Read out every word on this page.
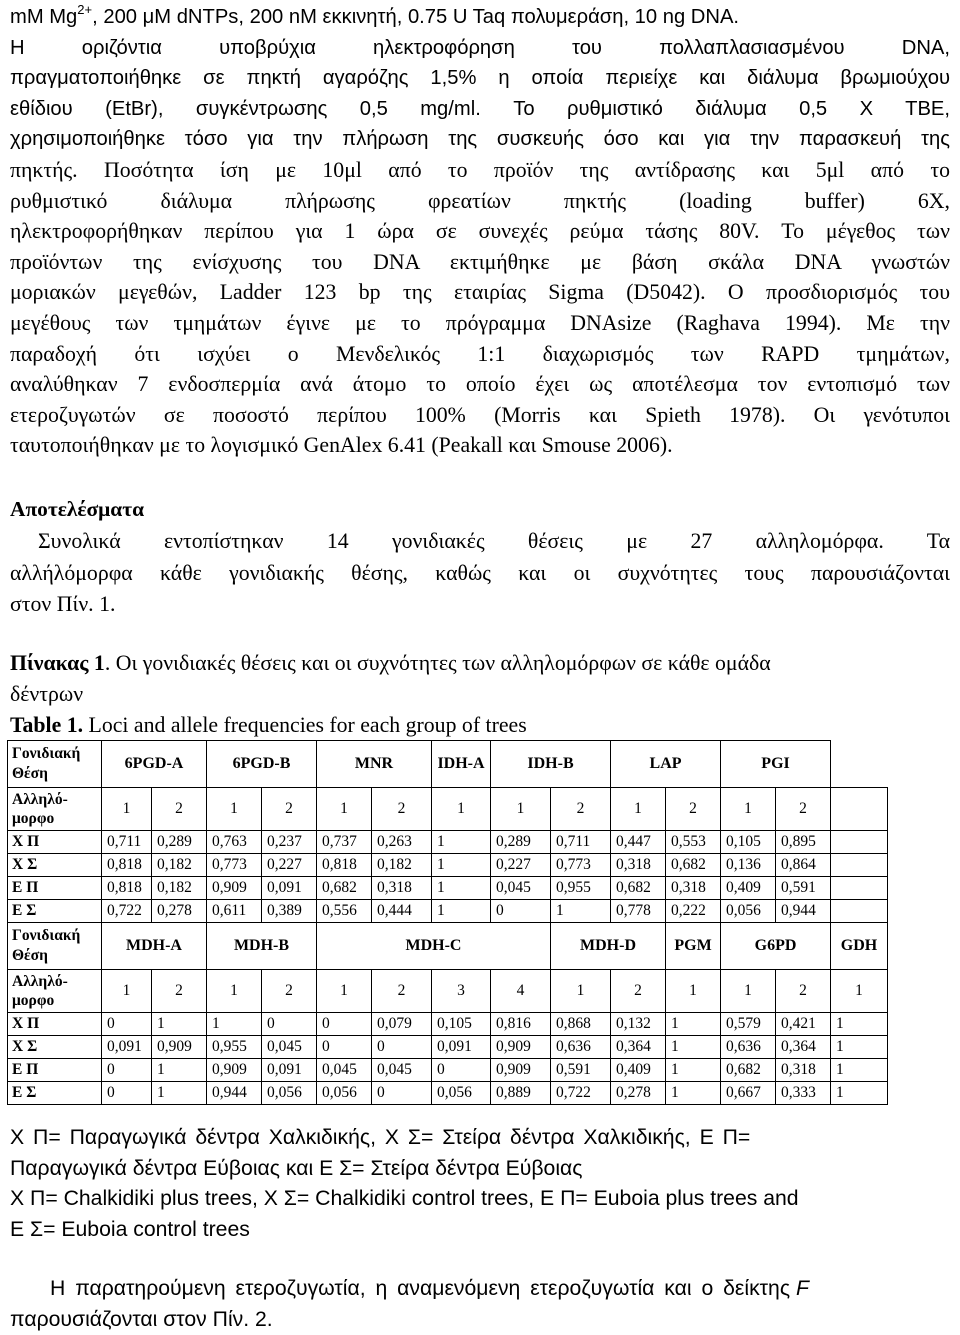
mM $Mg^{2+}$, 200 μM dNTPs, 200 nM εκκινητή, 0.75 U Taq πολυμεράση, 10 ng DNA.
Η οριζόντια υποβρύχια ηλεκτροφόρηση του πολλαπλασιασμένου DNA,
πραγματοποιήθηκε σε πηκτή αγαρόζης 1,5% η οποία περιείχε και διάλυμα βρωμιούχου
εθίδιου (EtBr), συγκέντρωσης 0,5 mg/ml. Το ρυθμιστικό διάλυμα 0,5 X TBE,
χρησιμοποιήθηκε τόσο για την πλήρωση της συσκευής όσο και για την παρασκευή της
πηκτής. Ποσότητα ίση με 10μl από το προϊόν της αντίδρασης και 5μl από το
ρυθμιστικό διάλυμα πλήρωσης φρεατίων πηκτής (loading buffer) 6X,
ηλεκτροφορήθηκαν περίπου για 1 ώρα σε συνεχές ρεύμα τάσης 80V. Το μέγεθος των
προϊόντων της ενίσχυσης του DNA εκτιμήθηκε με βάση σκάλα DNA γνωστών
μοριακών μεγεθών, Ladder 123 bp της εταιρίας Sigma (D5042). Ο προσδιορισμός του
μεγέθους των τμημάτων έγινε με το πρόγραμμα DNAsize (Raghava 1994). Με την
παραδοχή ότι ισχύει ο Μενδελικός 1:1 διαχωρισμός των RAPD τμημάτων,
αναλύθηκαν 7 ενδοσπερμία ανά άτομο το οποίο έχει ως αποτέλεσμα τον εντοπισμό των
ετεροζυγωτών σε ποσοστό περίπου 100% (Morris και Spieth 1978). Οι γενότυποι
ταυτοποιήθηκαν με το λογισμικό GenAlex 6.41 (Peakall και Smouse 2006).
Αποτελέσματα
Συνολικά εντοπίστηκαν 14 γονιδιακές θέσεις με 27 αλληλομόρφα. Τα
αλλήλόμορφα κάθε γονιδιακής θέσης, καθώς και οι συχνότητες τους παρουσιάζονται
στον Πίν. 1.
Πίνακας 1. Οι γονιδιακές θέσεις και οι συχνότητες των αλληλομόρφων σε κάθε ομάδα
δέντρων
Table 1. Loci and allele frequencies for each group of trees
Γονιδιακή
Θέση	6PGD-A		6PGD-B		MNR		IDH-A	IDH-B		LAP		PGI		

Αλληλό-
μορφο	1	2	1	2	1	2	1	1	2	1	2	1	2	
Χ Π	0,711	0,289	0,763	0,237	0,737	0,263	1	0,289	0,711	0,447	0,553	0,105	0,895	
Χ Σ	0,818	0,182	0,773	0,227	0,818	0,182	1	0,227	0,773	0,318	0,682	0,136	0,864	
Ε Π	0,818	0,182	0,909	0,091	0,682	0,318	1	0,045	0,955	0,682	0,318	0,409	0,591	
Ε Σ	0,722	0,278	0,611	0,389	0,556	0,444	1	0	1	0,778	0,222	0,056	0,944	

Γονιδιακή
Θέση	MDH-A		MDH-B		MDH-C				MDH-D		PGM	G6PD		GDH

Αλληλό-
μορφο	1	2	1	2	1	2	3	4	1	2	1	1	2	1
Χ Π	0	1	1	0	0	0,079	0,105	0,816	0,868	0,132	1	0,579	0,421	1
Χ Σ	0,091	0,909	0,955	0,045	0	0	0,091	0,909	0,636	0,364	1	0,636	0,364	1
Ε Π	0	1	0,909	0,091	0,045	0,045	0	0,909	0,591	0,409	1	0,682	0,318	1
Ε Σ	0	1	0,944	0,056	0,056	0	0,056	0,889	0,722	0,278	1	0,667	0,333	1
Χ Π= Παραγωγικά δέντρα Χαλκιδικής, Χ Σ= Στείρα δέντρα Χαλκιδικής, Ε Π=
Παραγωγικά δέντρα Εύβοιας και Ε Σ= Στείρα δέντρα Εύβοιας
Χ Π= Chalkidiki plus trees, Χ Σ= Chalkidiki control trees, Ε Π= Euboia plus trees and
Ε Σ= Euboia control trees
Η παρατηρούμενη ετεροζυγωτία, η αναμενόμενη ετεροζυγωτία και ο δείκτης F
παρουσιάζονται στον Πίν. 2.
